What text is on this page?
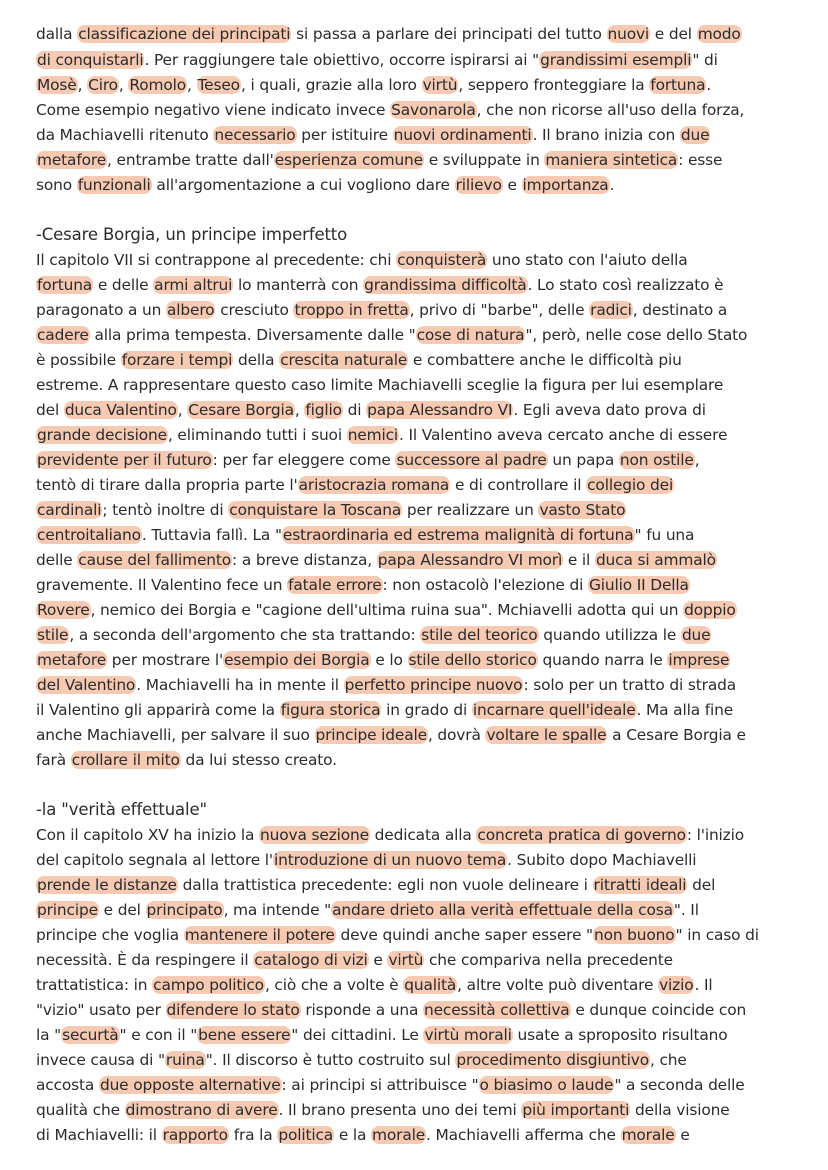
dalla classificazione dei principati si passa a parlare dei principati del tutto nuovi e del modo
di conquistarli. Per raggiungere tale obiettivo, occorre ispirarsi ai "grandissimi esempli" di
Mosè, Ciro, Romolo, Teseo, i quali, grazie alla loro virtù, seppero fronteggiare la fortuna.
Come esempio negativo viene indicato invece Savonarola, che non ricorse all'uso della forza,
da Machiavelli ritenuto necessario per istituire nuovi ordinamenti. Il brano inizia con due
metafore, entrambe tratte dall'esperienza comune e sviluppate in maniera sintetica: esse
sono funzionali all'argomentazione a cui vogliono dare rilievo e importanza.
-Cesare Borgia, un principe imperfetto
Il capitolo VII si contrappone al precedente: chi conquisterà uno stato con l'aiuto della
fortuna e delle armi altrui lo manterrà con grandissima difficoltà. Lo stato così realizzato è
paragonato a un albero cresciuto troppo in fretta, privo di "barbe", delle radici, destinato a
cadere alla prima tempesta. Diversamente dalle "cose di natura", però, nelle cose dello Stato
è possibile forzare i tempi della crescita naturale e combattere anche le difficoltà piu
estreme. A rappresentare questo caso limite Machiavelli sceglie la figura per lui esemplare
del duca Valentino, Cesare Borgia, figlio di papa Alessandro VI. Egli aveva dato prova di
grande decisione, eliminando tutti i suoi nemici. Il Valentino aveva cercato anche di essere
previdente per il futuro: per far eleggere come successore al padre un papa non ostile,
tentò di tirare dalla propria parte l'aristocrazia romana e di controllare il collegio dei
cardinali; tentò inoltre di conquistare la Toscana per realizzare un vasto Stato
centroitaliano. Tuttavia fallì. La "estraordinaria ed estrema malignità di fortuna" fu una
delle cause del fallimento: a breve distanza, papa Alessandro VI morì e il duca si ammalò
gravemente. Il Valentino fece un fatale errore: non ostacolò l'elezione di Giulio II Della
Rovere, nemico dei Borgia e "cagione dell'ultima ruina sua". Mchiavelli adotta qui un doppio
stile, a seconda dell'argomento che sta trattando: stile del teorico quando utilizza le due
metafore per mostrare l'esempio dei Borgia e lo stile dello storico quando narra le imprese
del Valentino. Machiavelli ha in mente il perfetto principe nuovo: solo per un tratto di strada
il Valentino gli apparirà come la figura storica in grado di incarnare quell'ideale. Ma alla fine
anche Machiavelli, per salvare il suo principe ideale, dovrà voltare le spalle a Cesare Borgia e
farà crollare il mito da lui stesso creato.
-la "verità effettuale"
Con il capitolo XV ha inizio la nuova sezione dedicata alla concreta pratica di governo: l'inizio
del capitolo segnala al lettore l'introduzione di un nuovo tema. Subito dopo Machiavelli
prende le distanze dalla trattistica precedente: egli non vuole delineare i ritratti ideali del
principe e del principato, ma intende "andare drieto alla verità effettuale della cosa". Il
principe che voglia mantenere il potere deve quindi anche saper essere "non buono" in caso di
necessità. È da respingere il catalogo di vizi e virtù che compariva nella precedente
trattatistica: in campo politico, ciò che a volte è qualità, altre volte può diventare vizio. Il
"vizio" usato per difendere lo stato risponde a una necessità collettiva e dunque coincide con
la "securtà" e con il "bene essere" dei cittadini. Le virtù morali usate a sproposito risultano
invece causa di "ruina". Il discorso è tutto costruito sul procedimento disgiuntivo, che
accosta due opposte alternative: ai principi si attribuisce "o biasimo o laude" a seconda delle
qualità che dimostrano di avere. Il brano presenta uno dei temi più importanti della visione
di Machiavelli: il rapporto fra la politica e la morale. Machiavelli afferma che morale e
